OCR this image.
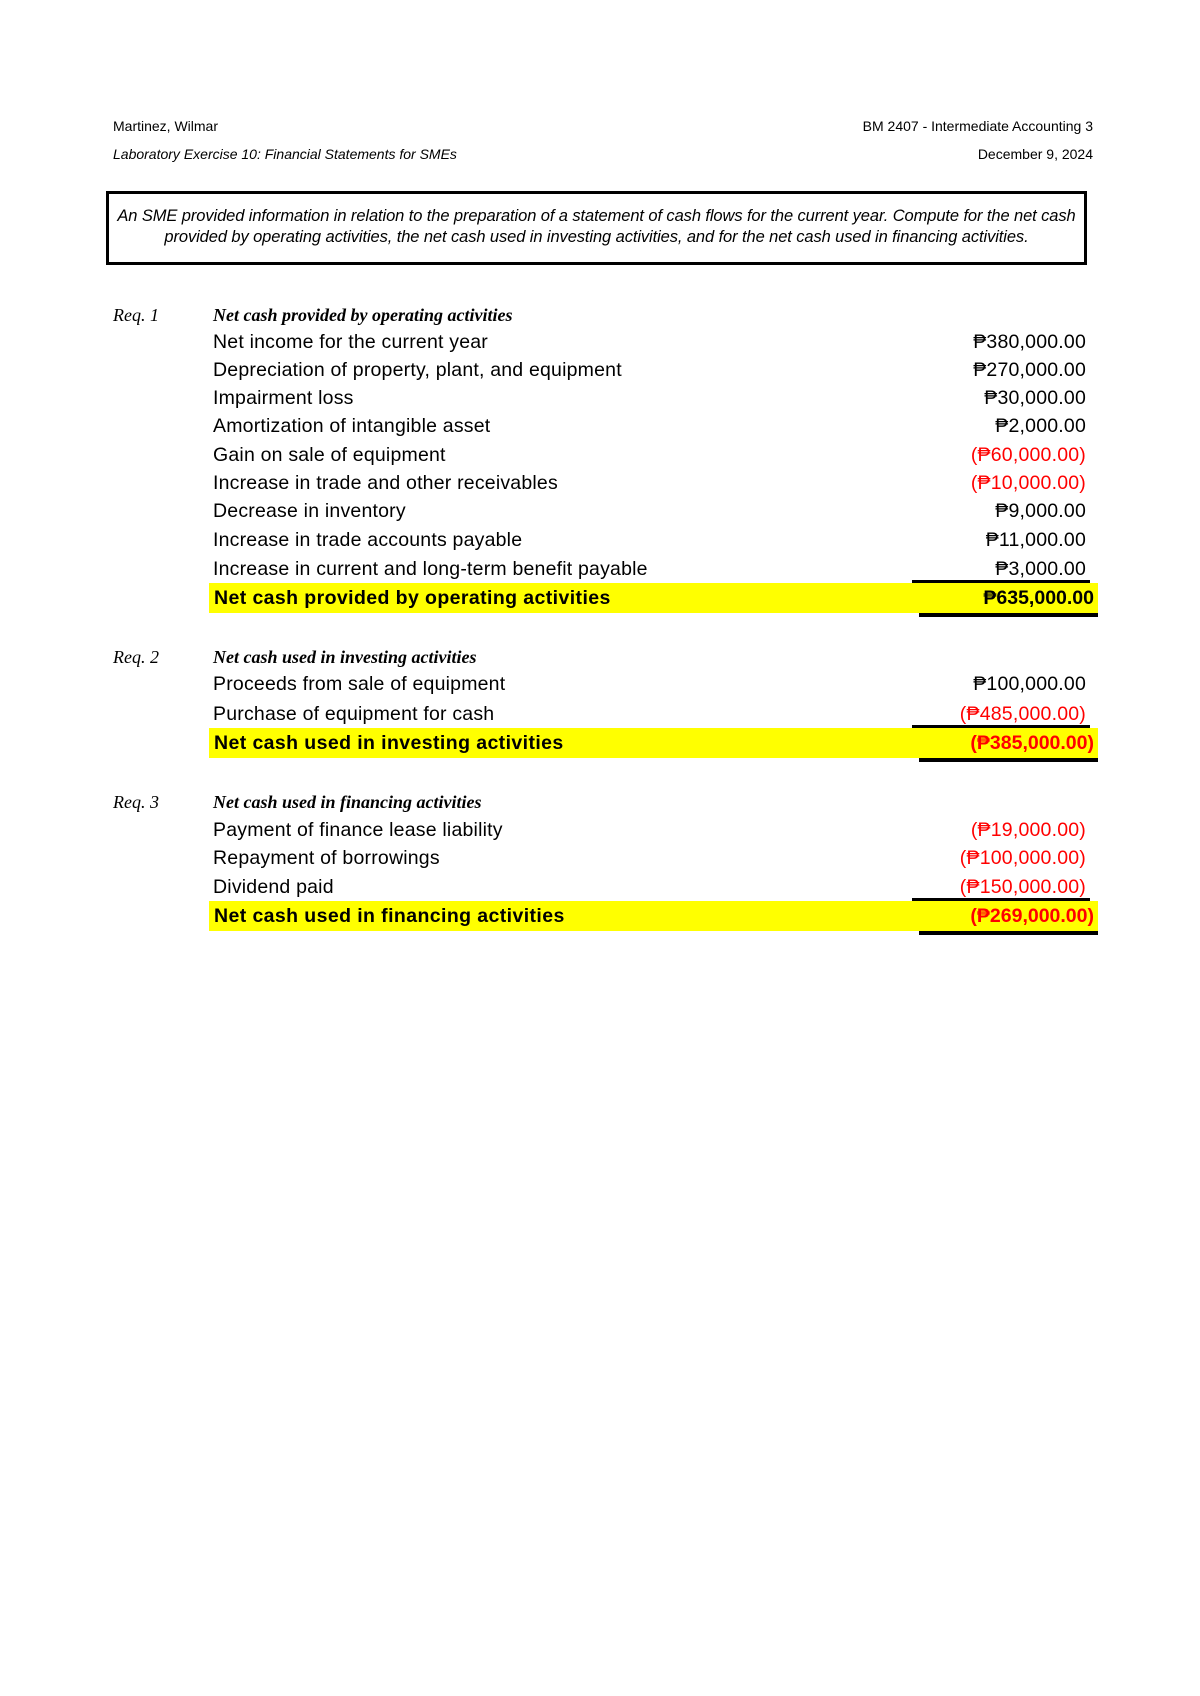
Martinez, Wilmar	BM 2407 - Intermediate Accounting 3
Laboratory Exercise 10: Financial Statements for SMEs	December 9, 2024
An SME provided information in relation to the preparation of a statement of cash flows for the current year. Compute for the net cash provided by operating activities, the net cash used in investing activities, and for the net cash used in financing activities.
Req. 1	Net cash provided by operating activities
Net income for the current year	₱380,000.00
Depreciation of property, plant, and equipment	₱270,000.00
Impairment loss	₱30,000.00
Amortization of intangible asset	₱2,000.00
Gain on sale of equipment	(₱60,000.00)
Increase in trade and other receivables	(₱10,000.00)
Decrease in inventory	₱9,000.00
Increase in trade accounts payable	₱11,000.00
Increase in current and long-term benefit payable	₱3,000.00
Net cash provided by operating activities	₱635,000.00
Req. 2	Net cash used in investing activities
Proceeds from sale of equipment	₱100,000.00
Purchase of equipment for cash	(₱485,000.00)
Net cash used in investing activities	(₱385,000.00)
Req. 3	Net cash used in financing activities
Payment of finance lease liability	(₱19,000.00)
Repayment of borrowings	(₱100,000.00)
Dividend paid	(₱150,000.00)
Net cash used in financing activities	(₱269,000.00)
